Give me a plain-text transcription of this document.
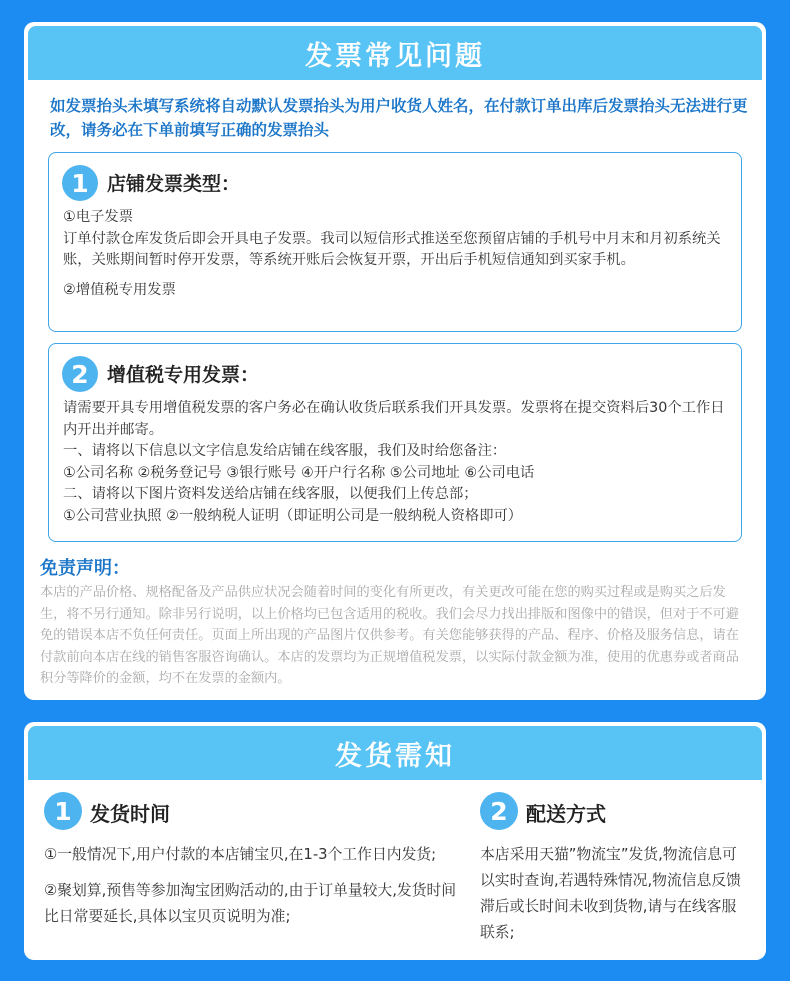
发票常见问题
如发票抬头未填写系统将自动默认发票抬头为用户收货人姓名，在付款订单出库后发票抬头无法进行更改，请务必在下单前填写正确的发票抬头
1 店铺发票类型：

①电子发票

订单付款仓库发货后即会开具电子发票。我司以短信形式推送至您预留店铺的手机号中月末和月初系统关账，关账期间暂时停开发票，等系统开账后会恢复开票，开出后手机短信通知到买家手机。

②增值税专用发票

2 增值税专用发票：

请需要开具专用增值税发票的客户务必在确认收货后联系我们开具发票。发票将在提交资料后30个工作日内开出并邮寄。

一、请将以下信息以文字信息发给店铺在线客服，我们及时给您备注：

①公司名称 ②税务登记号 ③银行账号 ④开户行名称 ⑤公司地址 ⑥公司电话

二、请将以下图片资料发送给店铺在线客服，以便我们上传总部；

①公司营业执照 ②一般纳税人证明（即证明公司是一般纳税人资格即可）

免责声明：
本店的产品价格、规格配备及产品供应状况会随着时间的变化有所更改，有关更改可能在您的购买过程或是购买之后发生，将不另行通知。除非另行说明，以上价格均已包含适用的税收。我们会尽力找出排版和图像中的错误，但对于不可避免的错误本店不负任何责任。页面上所出现的产品图片仅供参考。有关您能够获得的产品、程序、价格及服务信息，请在付款前向本店在线的销售客服咨询确认。本店的发票均为正规增值税发票，以实际付款金额为准，使用的优惠券或者商品积分等降价的金额，均不在发票的金额内。
发货需知
1 发货时间

①一般情况下,用户付款的本店铺宝贝,在1-3个工作日内发货;

②聚划算,预售等参加淘宝团购活动的,由于订单量较大,发货时间比日常要延长,具体以宝贝页说明为准;

2 配送方式

本店采用天猫”物流宝”发货,物流信息可以实时查询,若遇特殊情况,物流信息反馈滞后或长时间未收到货物,请与在线客服联系;
